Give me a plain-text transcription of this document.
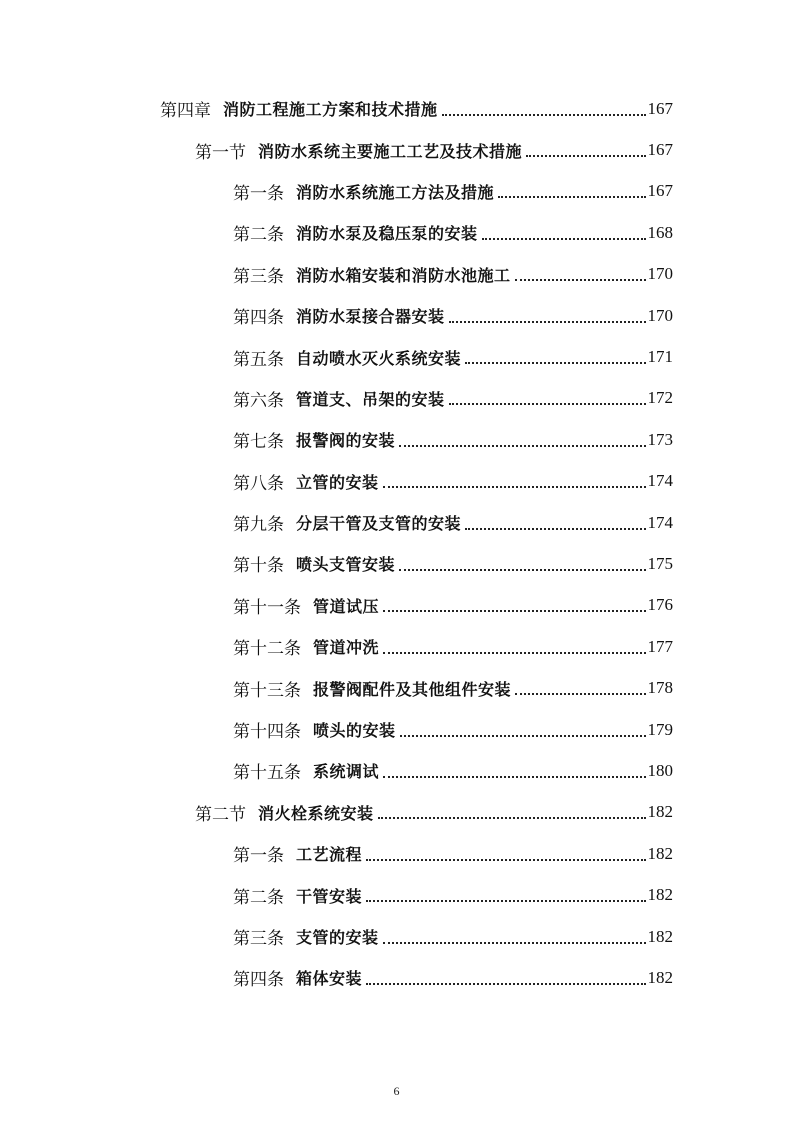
第四章 消防工程施工方案和技术措施	167
第一节 消防水系统主要施工工艺及技术措施	167
第一条 消防水系统施工方法及措施	167
第二条 消防水泵及稳压泵的安装	168
第三条 消防水箱安装和消防水池施工	170
第四条 消防水泵接合器安装	170
第五条 自动喷水灭火系统安装	171
第六条 管道支、吊架的安装	172
第七条 报警阀的安装	173
第八条 立管的安装	174
第九条 分层干管及支管的安装	174
第十条 喷头支管安装	175
第十一条 管道试压	176
第十二条 管道冲洗	177
第十三条 报警阀配件及其他组件安装	178
第十四条 喷头的安装	179
第十五条 系统调试	180
第二节 消火栓系统安装	182
第一条 工艺流程	182
第二条 干管安装	182
第三条 支管的安装	182
第四条 箱体安装	182
6
